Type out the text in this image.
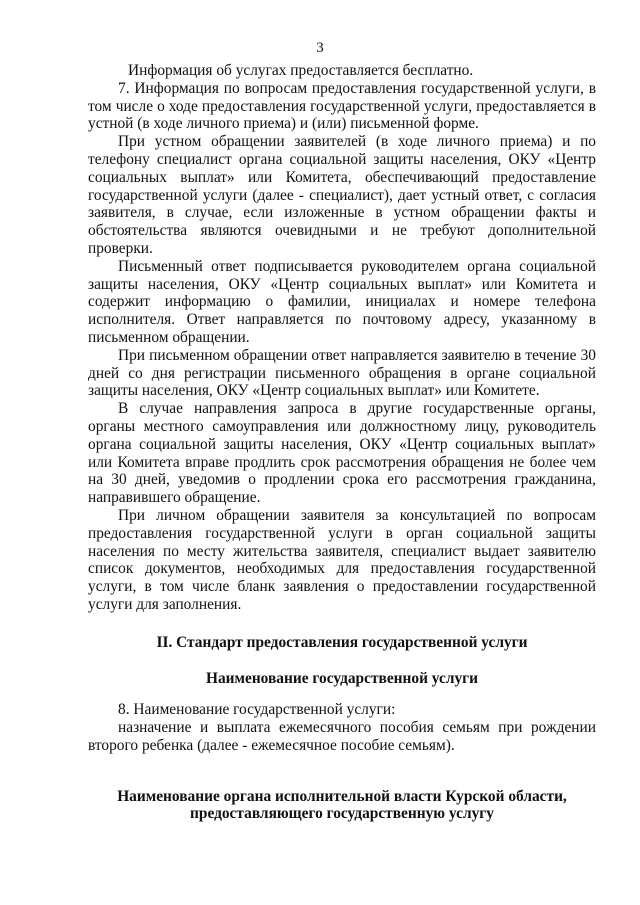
3

Информация об услугах предоставляется бесплатно.

7. Информация по вопросам предоставления государственной услуги, в том числе о ходе предоставления государственной услуги, предоставляется в устной (в ходе личного приема) и (или) письменной форме.

При устном обращении заявителей (в ходе личного приема) и по телефону специалист органа социальной защиты населения, ОКУ «Центр социальных выплат» или Комитета, обеспечивающий предоставление государственной услуги (далее - специалист), дает устный ответ, с согласия заявителя, в случае, если изложенные в устном обращении факты и обстоятельства являются очевидными и не требуют дополнительной проверки.

Письменный ответ подписывается руководителем органа социальной защиты населения, ОКУ «Центр социальных выплат» или Комитета и содержит информацию о фамилии, инициалах и номере телефона исполнителя. Ответ направляется по почтовому адресу, указанному в письменном обращении.

При письменном обращении ответ направляется заявителю в течение 30 дней со дня регистрации письменного обращения в органе социальной защиты населения, ОКУ «Центр социальных выплат» или Комитете.

В случае направления запроса в другие государственные органы, органы местного самоуправления или должностному лицу, руководитель органа социальной защиты населения, ОКУ «Центр социальных выплат» или Комитета вправе продлить срок рассмотрения обращения не более чем на 30 дней, уведомив о продлении срока его рассмотрения гражданина, направившего обращение.

При личном обращении заявителя за консультацией по вопросам предоставления государственной услуги в орган социальной защиты населения по месту жительства заявителя, специалист выдает заявителю список документов, необходимых для предоставления государственной услуги, в том числе бланк заявления о предоставлении государственной услуги для заполнения.

II. Стандарт предоставления государственной услуги

Наименование государственной услуги

8. Наименование государственной услуги:

назначение и выплата ежемесячного пособия семьям при рождении второго ребенка (далее - ежемесячное пособие семьям).

Наименование органа исполнительной власти Курской области,
предоставляющего государственную услугу
